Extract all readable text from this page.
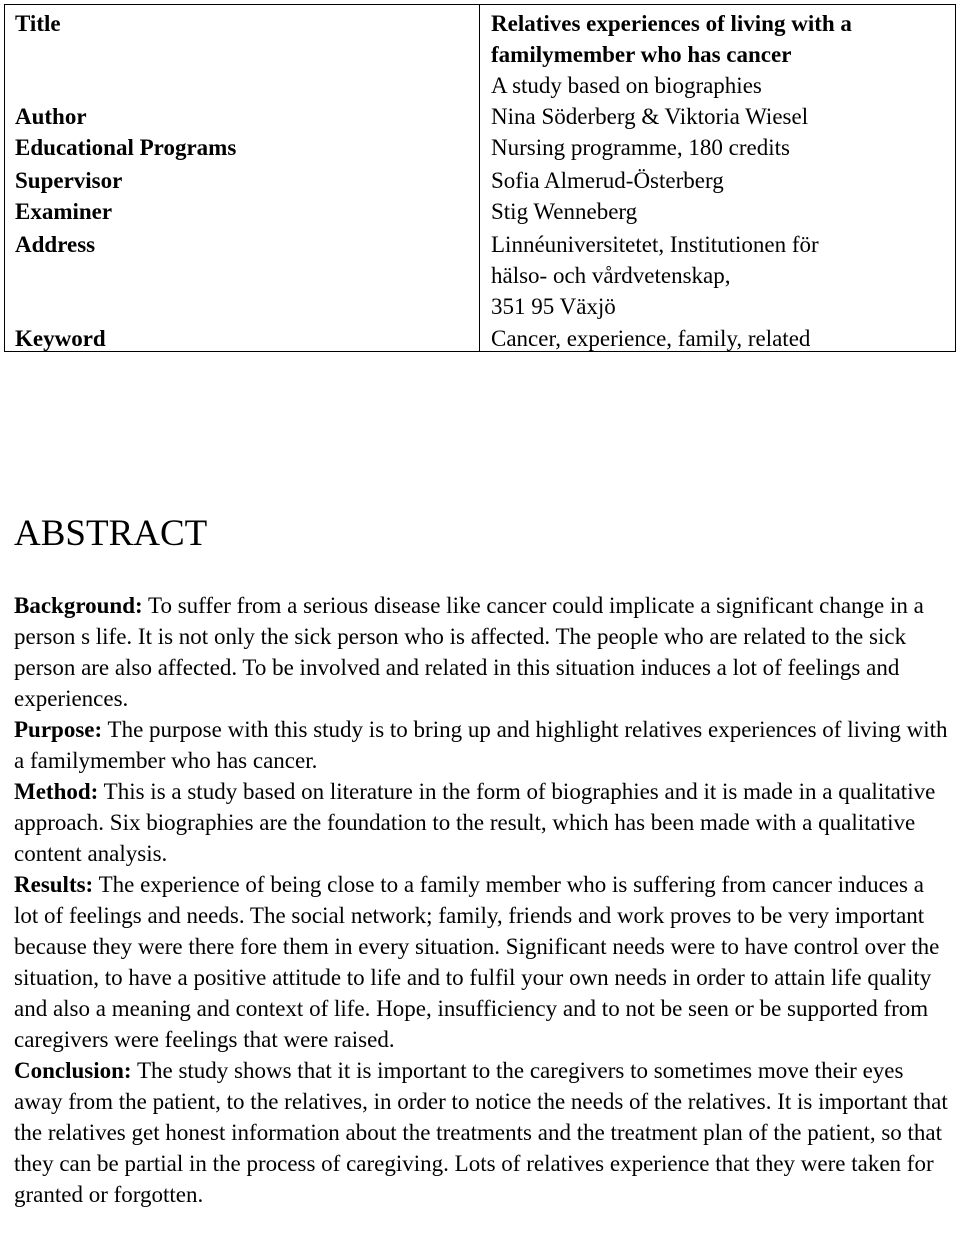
Title	Relatives experiences of living with a
familymember who has cancer
A study based on biographies
Author	Nina Söderberg & Viktoria Wiesel
Educational Programs	Nursing programme, 180 credits
Supervisor	Sofia Almerud-Österberg
Examiner	Stig Wenneberg
Address	Linnéuniversitetet, Institutionen för
hälso- och vårdvetenskap,
351 95 Växjö
Keyword	Cancer, experience, family, related
ABSTRACT

Background: To suffer from a serious disease like cancer could implicate a significant change in a person s life. It is not only the sick person who is affected. The people who are related to the sick person are also affected. To be involved and related in this situation induces a lot of feelings and experiences.

Purpose: The purpose with this study is to bring up and highlight relatives experiences of living with a familymember who has cancer.

Method: This is a study based on literature in the form of biographies and it is made in a qualitative approach. Six biographies are the foundation to the result, which has been made with a qualitative content analysis.

Results: The experience of being close to a family member who is suffering from cancer induces a lot of feelings and needs. The social network; family, friends and work proves to be very important because they were there fore them in every situation. Significant needs were to have control over the situation, to have a positive attitude to life and to fulfil your own needs in order to attain life quality and also a meaning and context of life. Hope, insufficiency and to not be seen or be supported from caregivers were feelings that were raised.

Conclusion: The study shows that it is important to the caregivers to sometimes move their eyes away from the patient, to the relatives, in order to notice the needs of the relatives. It is important that the relatives get honest information about the treatments and the treatment plan of the patient, so that they can be partial in the process of caregiving. Lots of relatives experience that they were taken for granted or forgotten.
